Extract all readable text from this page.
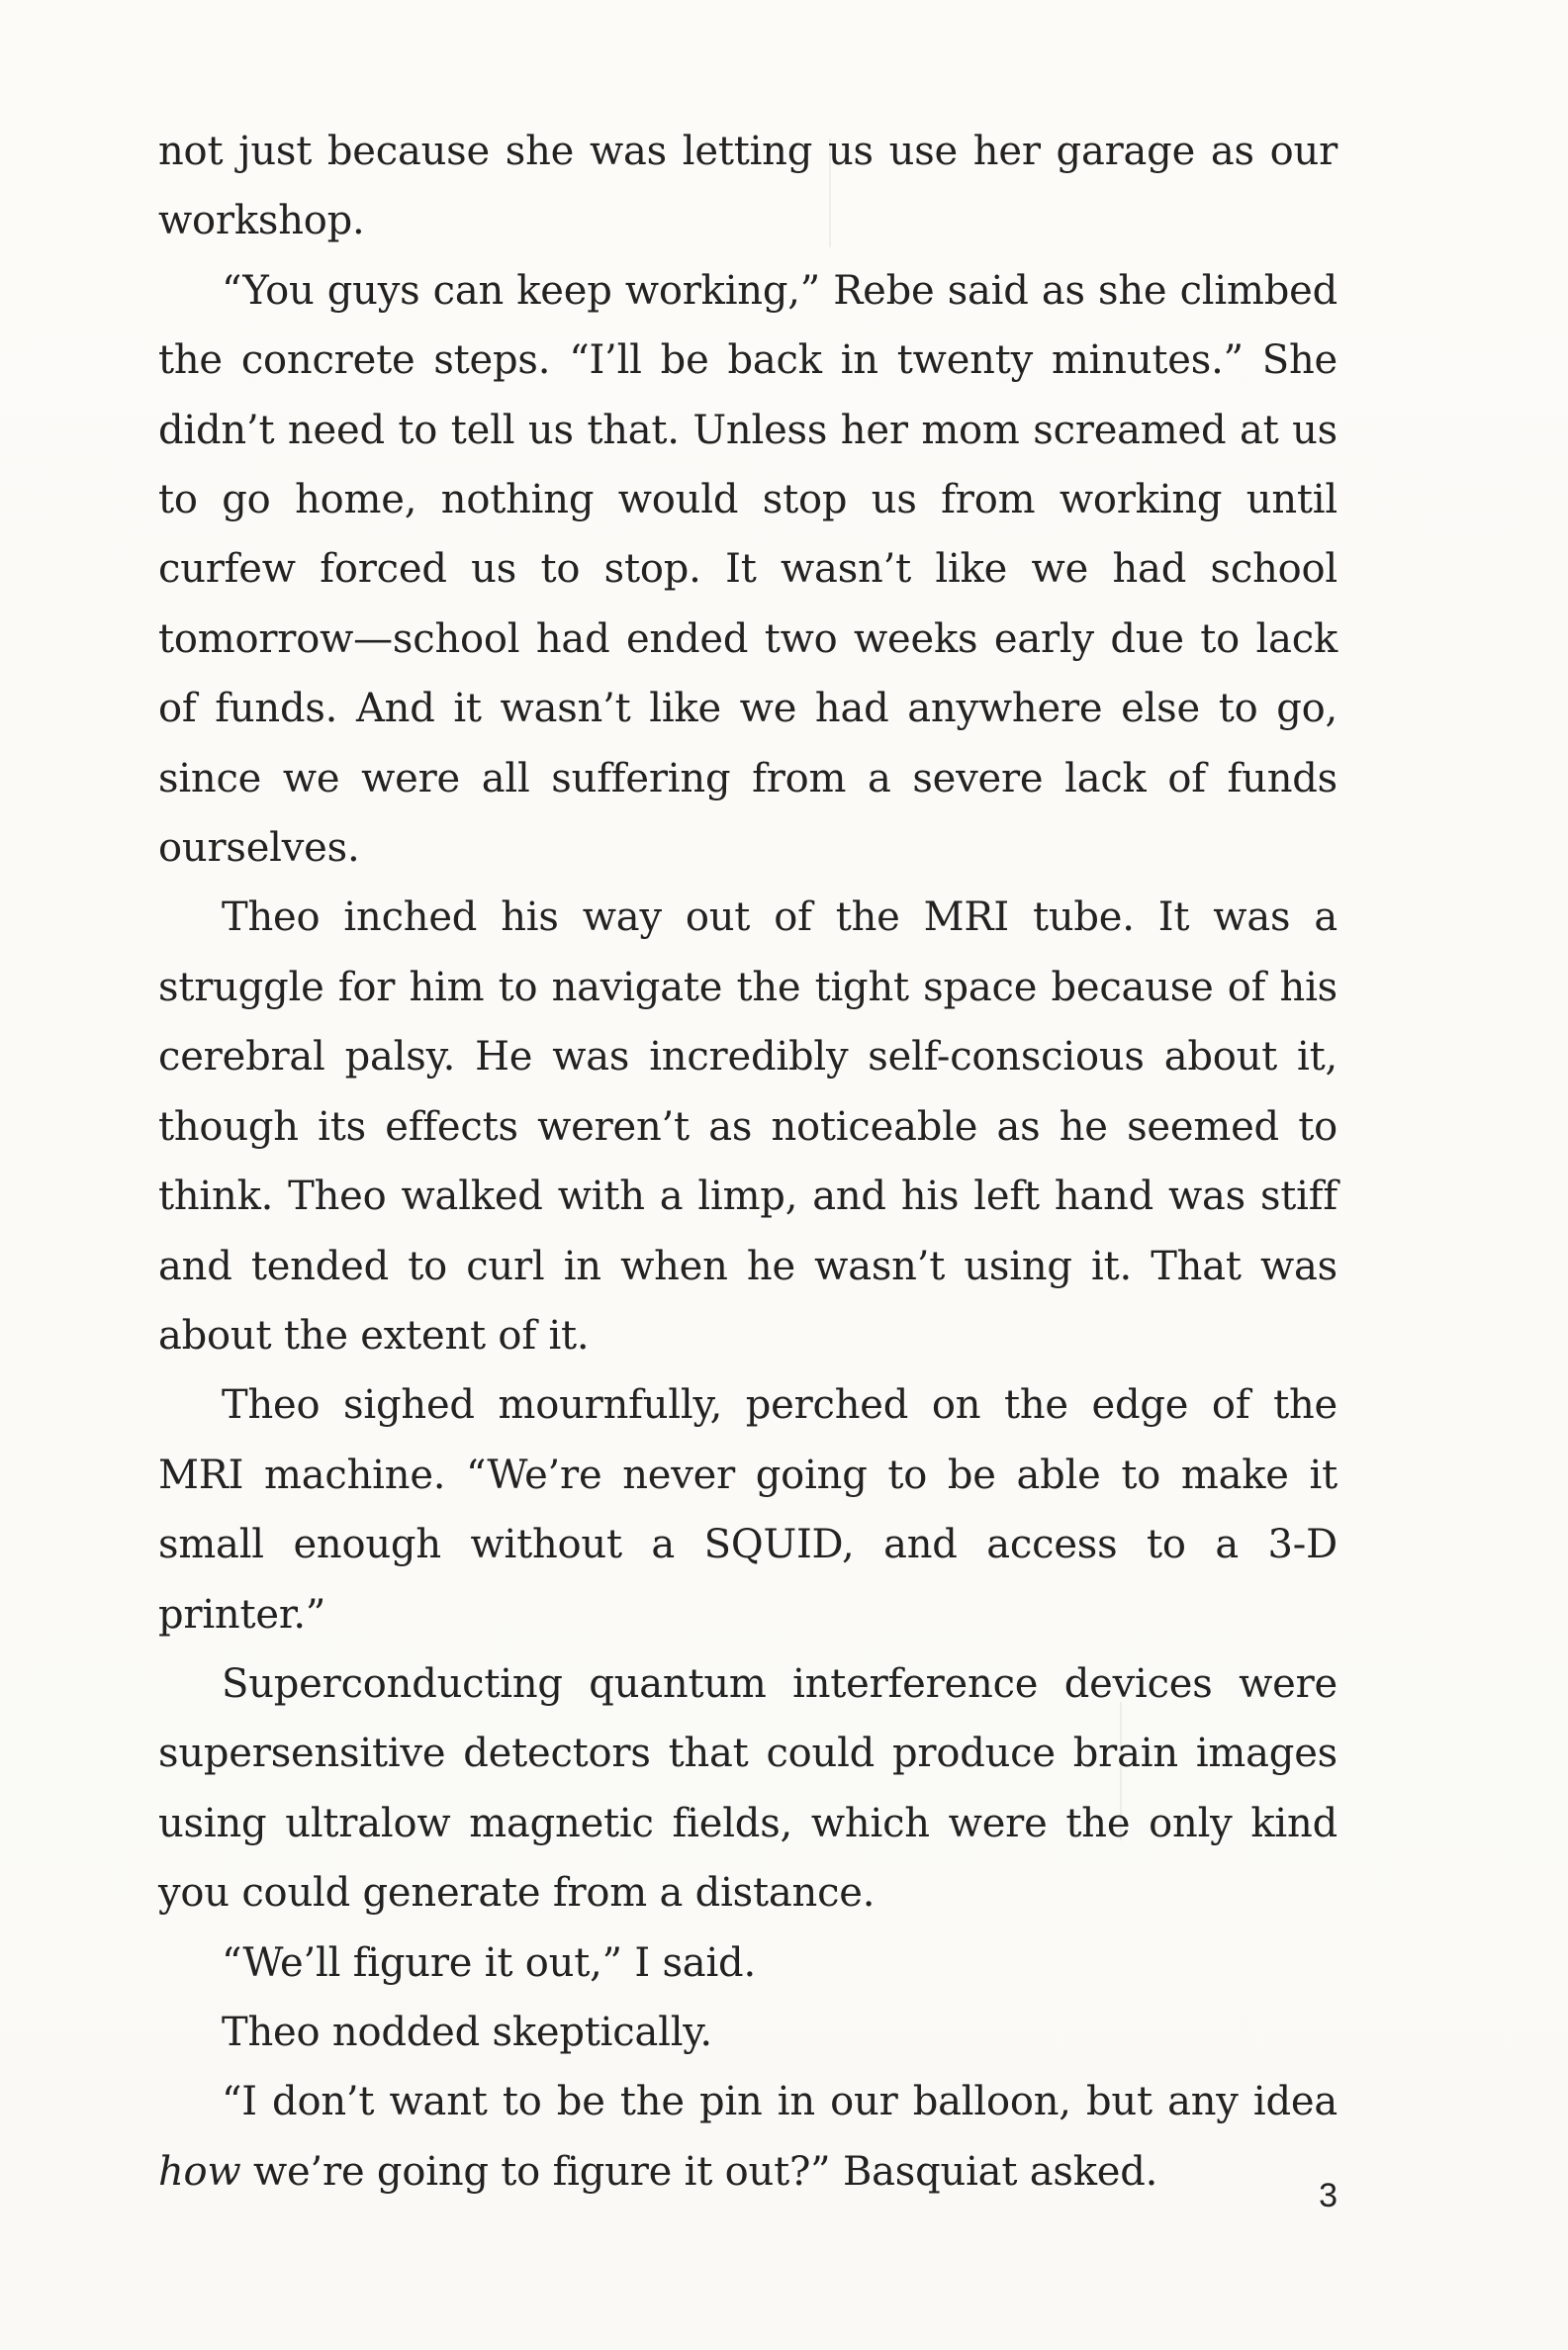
not just because she was letting us use her garage as our workshop.

“You guys can keep working,” Rebe said as she climbed the concrete steps. “I’ll be back in twenty minutes.” She didn’t need to tell us that. Unless her mom screamed at us to go home, nothing would stop us from working until curfew forced us to stop. It wasn’t like we had school tomorrow—school had ended two weeks early due to lack of funds. And it wasn’t like we had anywhere else to go, since we were all suffering from a severe lack of funds ourselves.

Theo inched his way out of the MRI tube. It was a struggle for him to navigate the tight space because of his cerebral palsy. He was incredibly self-conscious about it, though its effects weren’t as noticeable as he seemed to think. Theo walked with a limp, and his left hand was stiff and tended to curl in when he wasn’t using it. That was about the extent of it.

Theo sighed mournfully, perched on the edge of the MRI machine. “We’re never going to be able to make it small enough without a SQUID, and access to a 3-D printer.”

Superconducting quantum interference devices were supersensitive detectors that could produce brain images using ultralow magnetic fields, which were the only kind you could generate from a distance.

“We’ll figure it out,” I said.

Theo nodded skeptically.

“I don’t want to be the pin in our balloon, but any idea how we’re going to figure it out?” Basquiat asked.

3
